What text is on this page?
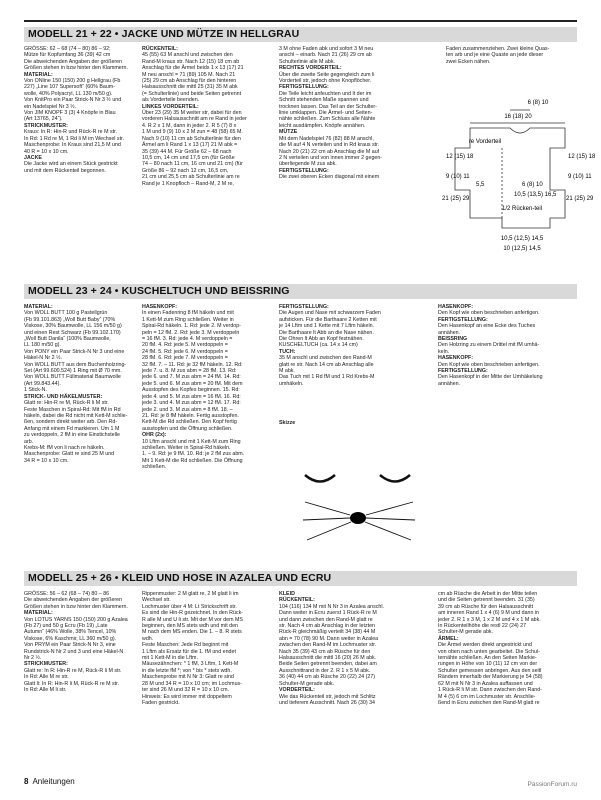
MODELL 21 + 22 • JACKE UND MÜTZE IN HELLGRAU
GRÖSSE: 62 – 68 (74 – 80) 86 – 92;
Mütze für Kopfumfang 36 (39) 42 cm
Die abweichenden Angaben der größeren
Größen stehen in bzw hinter den Klammern.
MATERIAL:
Von ONline 150 (150) 200 g Hellgrau (Fb
227) „Line 107 Supersoft“ (60% Baum-
wolle, 40% Polyacryl, LL 130 m/50 g).
Von KnitPro ein Paar Strick-N Nr 3 ½ und
ein Nadelspiel Nr 3 ½.
Von JIM KNOPF 3 (3) 4 Knöpfe in Blau
(Art 13765, 24“).
STRICKMUSTER:
Kraus: In R: Hin-R und Rück-R re M str.
In Rd: 1 Rd re M, 1 Rd li M im Wechsel str.
Maschenprobe: In Kraus sind 21,5 M und
40 R = 10 x 10 cm.
JACKE
Die Jacke wird an einem Stück gestrickt
und mit dem Rückenteil begonnen.
RÜCKENTEIL:
45 (55) 63 M anschl und zwischen den
Rand-M kraus str. Nach 12 (15) 18 cm ab
Anschlag für die Ärmel beids 1 x 13 (17) 21
M neu anschl = 71 (89) 105 M. Nach 21
(25) 29 cm ab Anschlag für den hinteren
Halsausschnitt die mittl 25 (31) 35 M abk
(= Schulterlinie) und beide Seiten getrennt
als Vorderteile beenden.
LINKES VORDERTEIL:
Über 23 (29) 35 M weiter str, dabei für den
vorderen Halsausschnitt am re Rand in jeder
4. R 2 x 1 M, dann in jeder 2. R 5 (7) 8 x
1 M und 9 (9) 10 x 2 M zun = 48 (58) 65 M.
Nach 9 (10) 11 cm ab Schulterlinie für den
Ärmel am li Rand 1 x 13 (17) 21 M abk =
35 (39) 44 M. Für Größe 62 – 68 nach
10,5 cm, 14 cm und 17,5 cm (für Größe
74 – 80 nach 11 cm, 16 cm und 21 cm) (für
Größe 86 – 92 nach 12 cm, 16,5 cm,
21 cm und 25,5 cm ab Schulterlinie am re
Rand je 1 Knopfloch – Rand-M, 2 M re,
3 M ohne Faden abk und sofort 3 M neu
anschl – einarb. Nach 21 (26) 29 cm ab
Schulterlinie alle M abk.
RECHTES VORDERTEIL:
Über die zweite Seite gegengleich zum li
Vorderteil str, jedoch ohne Knopflöcher.
FERTIGSTELLUNG:
Die Teile leicht anfeuchten und lt der im
Schnitt stehenden Maße spannen und
trocknen lassen. Das Teil an der Schulter-
linie umklappen. Die Ärmel- und Seiten-
nähte schließen. Zum Schluss alle Nähte
leicht ausdämpfen. Knöpfe annähen.
MÜTZE
Mit dem Nadelspiel 76 (82) 88 M anschl,
die M auf 4 N verteilen und in Rd kraus str.
Nach 20 (21) 22 cm ab Anschlag die M auf
2 N verteilen und von innen immer 2 gegen-
überliegende M zus abk.
FERTIGSTELLUNG:
Die zwei oberen Ecken diagonal mit einem
Faden zusammenziehen. Zwei kleine Quas-
ten arb und je eine Quaste an jede dieser
zwei Ecken nähen.
16 (18) 20
6 (8) 10
re Vorderteil
12 (15) 18	12 (15) 18
9 (10) 11	9 (10) 11
21 (25) 29	21 (25) 29
5,5	6 (8) 10
10,5 (13,5) 16,5
1/2 Rücken-teil
10,5 (12,5) 14,5
10 (12,5) 14,5
MODELL 23 + 24 • KUSCHELTUCH UND BEISSRING
MATERIAL:
Von WOLL BUTT 100 g Pastellgrün
(Fb 99.101.863) „Woll Butt Baby“ (70%
Viskose, 30% Baumwolle, LL 156 m/50 g)
und einen Rest Schwarz (Fb 99.102.170)
„Woll Butt Danila“ (100% Baumwolle,
LL 180 m/50 g).
Von PONY ein Paar Strick-N Nr 3 und eine
Häkel-N Nr 2 ½.
Von WOLL BUTT aus dem Buchenholzring-
Set (Art 99.600.524) 1 Ring mit Ø 70 mm.
Von WOLL BUTT Füllmaterial Baumwolle
(Art 99.843.44).
1 Stick-N.
STRICK- UND HÄKELMUSTER:
Glatt re: Hin-R re M, Rück-R li M str.
Feste Maschen in Spiral-Rd: Mit fM in Rd
häkeln, dabei die Rd nicht mit Kett-M schlie-
ßen, sondern direkt weiter arb. Den Rd-
Anfang mit einem Fd markieren. Um 1 M
zu verdoppeln, 2 fM in eine Einstichstelle
arb.
Krebs-M: fM von li nach re häkeln.
Maschenprobe: Glatt re sind 25 M und
34 R = 10 x 10 cm.
HASENKOPF:
In einen Fadenring 8 fM häkeln und mit
1 Kett-M zum Ring schließen. Weiter in
Spiral-Rd häkeln. 1. Rd: jede 2. M verdop-
peln = 12 fM. 2. Rd: jede 3. M verdoppeln
= 16 fM. 3. Rd: jede 4. M verdoppeln =
20 fM. 4. Rd: jede 5. M verdoppeln =
24 fM. 5. Rd: jede 6. M verdoppeln =
28 fM. 6. Rd: jede 7. M verdoppeln =
32 fM. 7. – 11. Rd: je 32 fM häkeln. 12. Rd:
jede 7. u. 8. M zus abm = 28 fM. 13. Rd:
jede 6. und 7. M zus abm = 24 fM. 14. Rd:
jede 5. und 6. M zus abm = 20 fM. Mit dem
Ausstopfen des Kopfes beginnen. 15. Rd:
jede 4. und 5. M zus abm = 16 fM. 16. Rd:
jede 3. und 4. M zus abm = 12 fM. 17. Rd:
jede 2. und 3. M zus abm = 8 fM. 18. –
21. Rd: je 8 fM häkeln. Fertig ausstopfen.
Kett-M die Rd schließen. Den Kopf fertig
ausstopfen und die Öffnung schließen.
OHR (2x):
10 Lftm anschl und mit 1 Kett-M zum Ring
schließen. Weiter in Spiral-Rd häkeln.
1. – 9. Rd: je 9 fM. 10. Rd: je 2 fM zus abm.
Mit 1 Kett-M die Rd schließen. Die Öffnung
schließen.
FERTIGSTELLUNG:
Die Augen und Nase mit schwarzem Faden
aufsticken. Für die Barthaare 2 Ketten mit
je 14 Lftm und 1 Kette mit 7 Lftm häkeln.
Die Barthaare lt Abb an die Nase nähen.
Die Ohren lt Abb an Kopf festnähen.
KUSCHELTUCH (ca. 14 x 14 cm)
TUCH:
35 M anschl und zwischen den Rand-M
glatt re str. Nach 14 cm ab Anschlag alle
M abk.
Das Tuch mit 1 Rd fM und 1 Rd Krebs-M
umhäkeln.
HASENKOPF:
Den Kopf wie oben beschrieben anfertigen.
FERTIGSTELLUNG:
Den Hasenkopf an eine Ecke des Tuches
annähen.
BEISSRING
Den Holzring zu einem Drittel mit fM umhä-
keln.
HASENKOPF:
Den Kopf wie oben beschrieben anfertigen.
FERTIGSTELLUNG:
Den Hasenkopf in der Mitte der Umhäkelung
annähen.
Skizze
MODELL 25 + 26 • KLEID UND HOSE IN AZALEA UND ECRU
GRÖSSE: 56 – 62 (68 – 74) 80 – 86
Die abweichenden Angaben der größeren
Größen stehen in bzw hinter den Klammern.
MATERIAL:
Von LOTUS YARNS 150 (150) 200 g Azalea
(Fb 27) und 50 g Ecru (Fb 19) „Late
Autumn“ (46% Wolle, 38% Tencel, 10%
Viskose, 6% Kaschmir, LL 360 m/50 g).
Von PRYM ein Paar Strick-N Nr 3, eine
Rundstrick-N Nr 2 und 3 und eine Häkel-N
Nr 2 ½.
STRICKMUSTER:
Glatt re: In R: Hin-R re M, Rück-R li M str.
In Rd: Alle M re str.
Glatt li: In R: Hin-R li M, Rück-R re M str.
In Rd: Alle M li str.
Rippenmuster: 2 M glatt re, 2 M glatt li im
Wechsel str.
Lochmuster über 4 M: Lt Strickschrift str.
Es sind die Hin-R gezeichnet. In den Rück-
R alle M und U li str. Mit der M vor dem MS
beginnen, den MS stets wdh und mit den
M nach dem MS enden. Die 1. – 8. R stets
wdh.
Feste Maschen: Jede Rd beginnt mit
1 Lftm als Ersatz für die 1. fM und endet
mit 1 Kett-M in die Lftm.
Mäusezähnchen: * 1 fM, 3 Lftm, 1 Kett-M
in die letzte fM *; von * bis * stets wdh.
Maschenprobe mit N Nr 3: Glatt re sind
28 M und 34 R = 10 x 10 cm; im Lochmus-
ter sind 26 M und 32 R = 10 x 10 cm.
Hinweis: Es wird immer mit doppeltem
Faden gestrickt.
KLEID
RÜCKENTEIL:
104 (116) 134 M mit N Nr 3 in Azalea anschl.
Dann weiter in Ecru zuerst 1 Rück-R re M
und dann zwischen den Rand-M glatt re
str. Nach 4 cm ab Anschlag in der letzten
Rück-R gleichmäßig verteilt 34 (38) 44 M
abn = 70 (78) 90 M. Dann weiter in Azalea
zwischen den Rand-M im Lochmuster str.
Nach 35 (39) 43 cm ab Rüsche für den
Halsausschnitt die mittl 16 (20) 26 M abk.
Beide Seiten getrennt beenden, dabei am
Ausschnittrand in der 2. R 1 x 5 M abk.
36 (40) 44 cm ab Rüsche 20 (22) 24 (27)
Schulter-M gerade abk.
VORDERTEIL:
Wie das Rückenteil str, jedoch mit Schlitz
und tieferem Ausschnitt. Nach 26 (30) 34
cm ab Rüsche die Arbeit in der Mitte teilen
und die Seiten getrennt beenden. 31 (35)
39 cm ab Rüsche für den Halsausschnitt
am inneren Rand 1 x 4 (6) 9 M und dann in
jeder 2. R 1 x 3 M, 1 x 2 M und 4 x 1 M abk.
In Rückenteilhöhe die restl 22 (24) 27
Schulter-M gerade abk.
ÄRMEL:
Die Ärmel werden direkt angestrickt und
von oben nach unten gearbeitet. Die Schul-
ternähte schließen. An den Seiten Markie-
rungen in Höhe von 10 (11) 12 cm von der
Schulter gemessen anbringen. Aus den seitl
Rändern innerhalb der Markierung je 54 (58)
62 M mit N Nr 3 in Azalea auffassen und
1 Rück-R li M str. Dann zwischen den Rand-
M 4 (5) 6 cm im Lochmuster str. Anschlie-
ßend in Ecru zwischen den Rand-M glatt re
8 Anleitungen	PassionForum.ru
